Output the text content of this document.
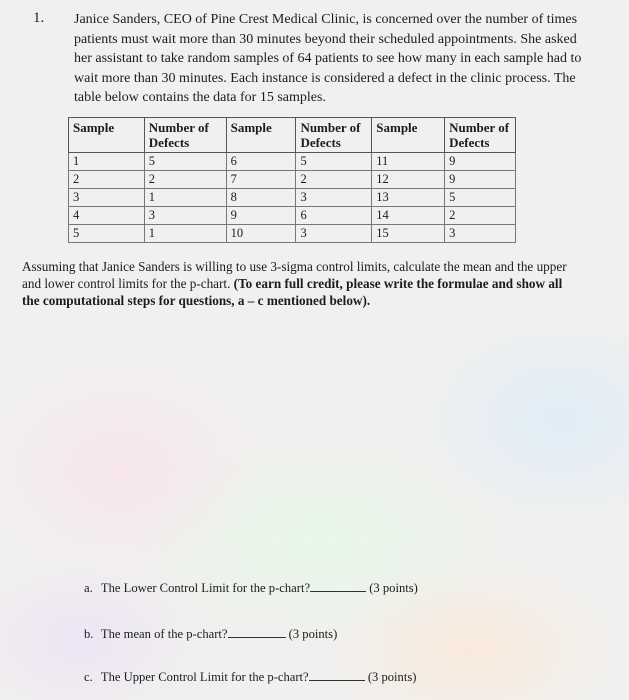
1. Janice Sanders, CEO of Pine Crest Medical Clinic, is concerned over the number of times patients must wait more than 30 minutes beyond their scheduled appointments. She asked her assistant to take random samples of 64 patients to see how many in each sample had to wait more than 30 minutes. Each instance is considered a defect in the clinic process. The table below contains the data for 15 samples.

Sample	Number of Defects	Sample	Number of Defects	Sample	Number of Defects
1	5	6	5	11	9
2	2	7	2	12	9
3	1	8	3	13	5
4	3	9	6	14	2
5	1	10	3	15	3

Assuming that Janice Sanders is willing to use 3-sigma control limits, calculate the mean and the upper and lower control limits for the p-chart. (To earn full credit, please write the formulae and show all the computational steps for questions, a – c mentioned below).

a. The Lower Control Limit for the p-chart?	(3 points)
b. The mean of the p-chart?	(3 points)
c. The Upper Control Limit for the p-chart?	(3 points)
